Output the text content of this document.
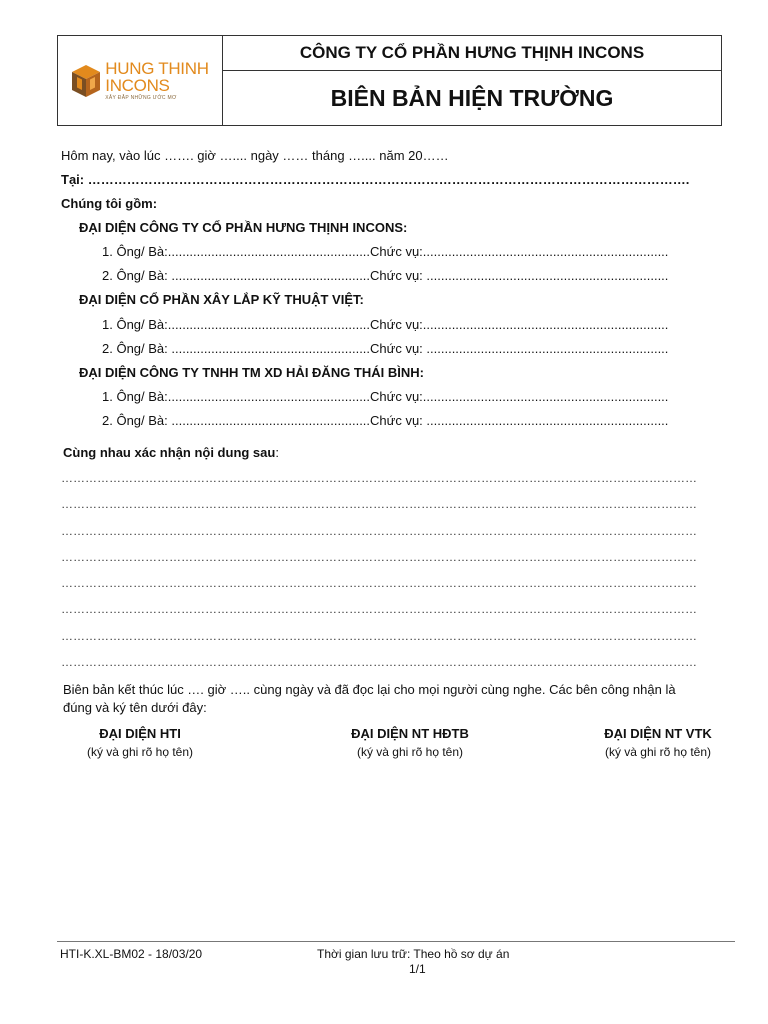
HUNG THINH
INCONS
XÂY ĐẮP NHỮNG ƯỚC MƠ
CÔNG TY CỔ PHẦN HƯNG THỊNH INCONS
BIÊN BẢN HIỆN TRƯỜNG
Hôm nay, vào lúc ……. giờ ….... ngày …… tháng ….... năm 20……
Tại: ………………………………………………………………………………………………………………………….
Chúng tôi gồm:
ĐẠI DIỆN CÔNG TY CỔ PHẦN HƯNG THỊNH INCONS:
1. Ông/ Bà:........................................................Chức vụ:....................................................................
2. Ông/ Bà: .......................................................Chức vụ: ...................................................................
ĐẠI DIỆN CỔ PHẦN XÂY LẮP KỸ THUẬT VIỆT:
1. Ông/ Bà:........................................................Chức vụ:....................................................................
2. Ông/ Bà: .......................................................Chức vụ: ...................................................................
ĐẠI DIỆN CÔNG TY TNHH TM XD HẢI ĐĂNG THÁI BÌNH:
1. Ông/ Bà:........................................................Chức vụ:....................................................................
2. Ông/ Bà: .......................................................Chức vụ: ...................................................................
Cùng nhau xác nhận nội dung sau:
……………………………………………………………………………………………………………………………………………
……………………………………………………………………………………………………………………………………………
……………………………………………………………………………………………………………………………………………
……………………………………………………………………………………………………………………………………………
……………………………………………………………………………………………………………………………………………
……………………………………………………………………………………………………………………………………………
……………………………………………………………………………………………………………………………………………
……………………………………………………………………………………………………………………………………………
Biên bản kết thúc lúc …. giờ ….. cùng ngày và đã đọc lại cho mọi người cùng nghe. Các bên công nhận là
đúng và ký tên dưới đây:
ĐẠI DIỆN HTI
(ký và ghi rõ họ tên)
ĐẠI DIỆN NT HĐTB
(ký và ghi rõ họ tên)
ĐẠI DIỆN NT VTK
(ký và ghi rõ họ tên)
HTI-K.XL-BM02 - 18/03/20	Thời gian lưu trữ: Theo hồ sơ dự án
1/1
